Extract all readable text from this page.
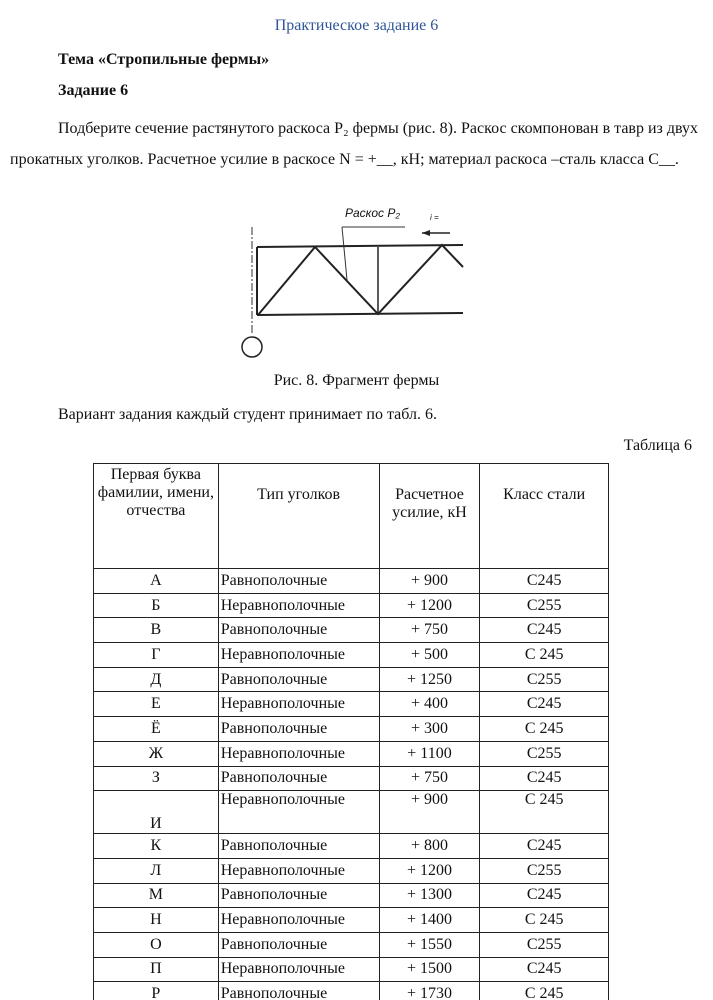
Практическое задание 6
Тема «Стропильные фермы»
Задание 6

Подберите сечение растянутого раскоса P₂ фермы (рис. 8). Раскос скомпонован в тавр из двух прокатных уголков. Расчетное усилие в раскосе N = +__, кН; материал раскоса –сталь класса С__.

Раскос P₂	i =
Рис. 8. Фрагмент фермы
Вариант задания каждый студент принимает по табл. 6.
Таблица 6
Первая буква фамилии, имени, отчества	Тип уголков	Расчетное усилие, кН	Класс стали
А	Равнополочные	+ 900	С245
Б	Неравнополочные	+ 1200	С255
В	Равнополочные	+ 750	С245
Г	Неравнополочные	+ 500	С 245
Д	Равнополочные	+ 1250	С255
Е	Неравнополочные	+ 400	С245
Ё	Равнополочные	+ 300	С 245
Ж	Неравнополочные	+ 1100	С255
З	Равнополочные	+ 750	С245
И	Неравнополочные	+ 900	С 245
К	Равнополочные	+ 800	С245
Л	Неравнополочные	+ 1200	С255
М	Равнополочные	+ 1300	С245
Н	Неравнополочные	+ 1400	С 245
О	Равнополочные	+ 1550	С255
П	Неравнополочные	+ 1500	С245
Р	Равнополочные	+ 1730	С 245
